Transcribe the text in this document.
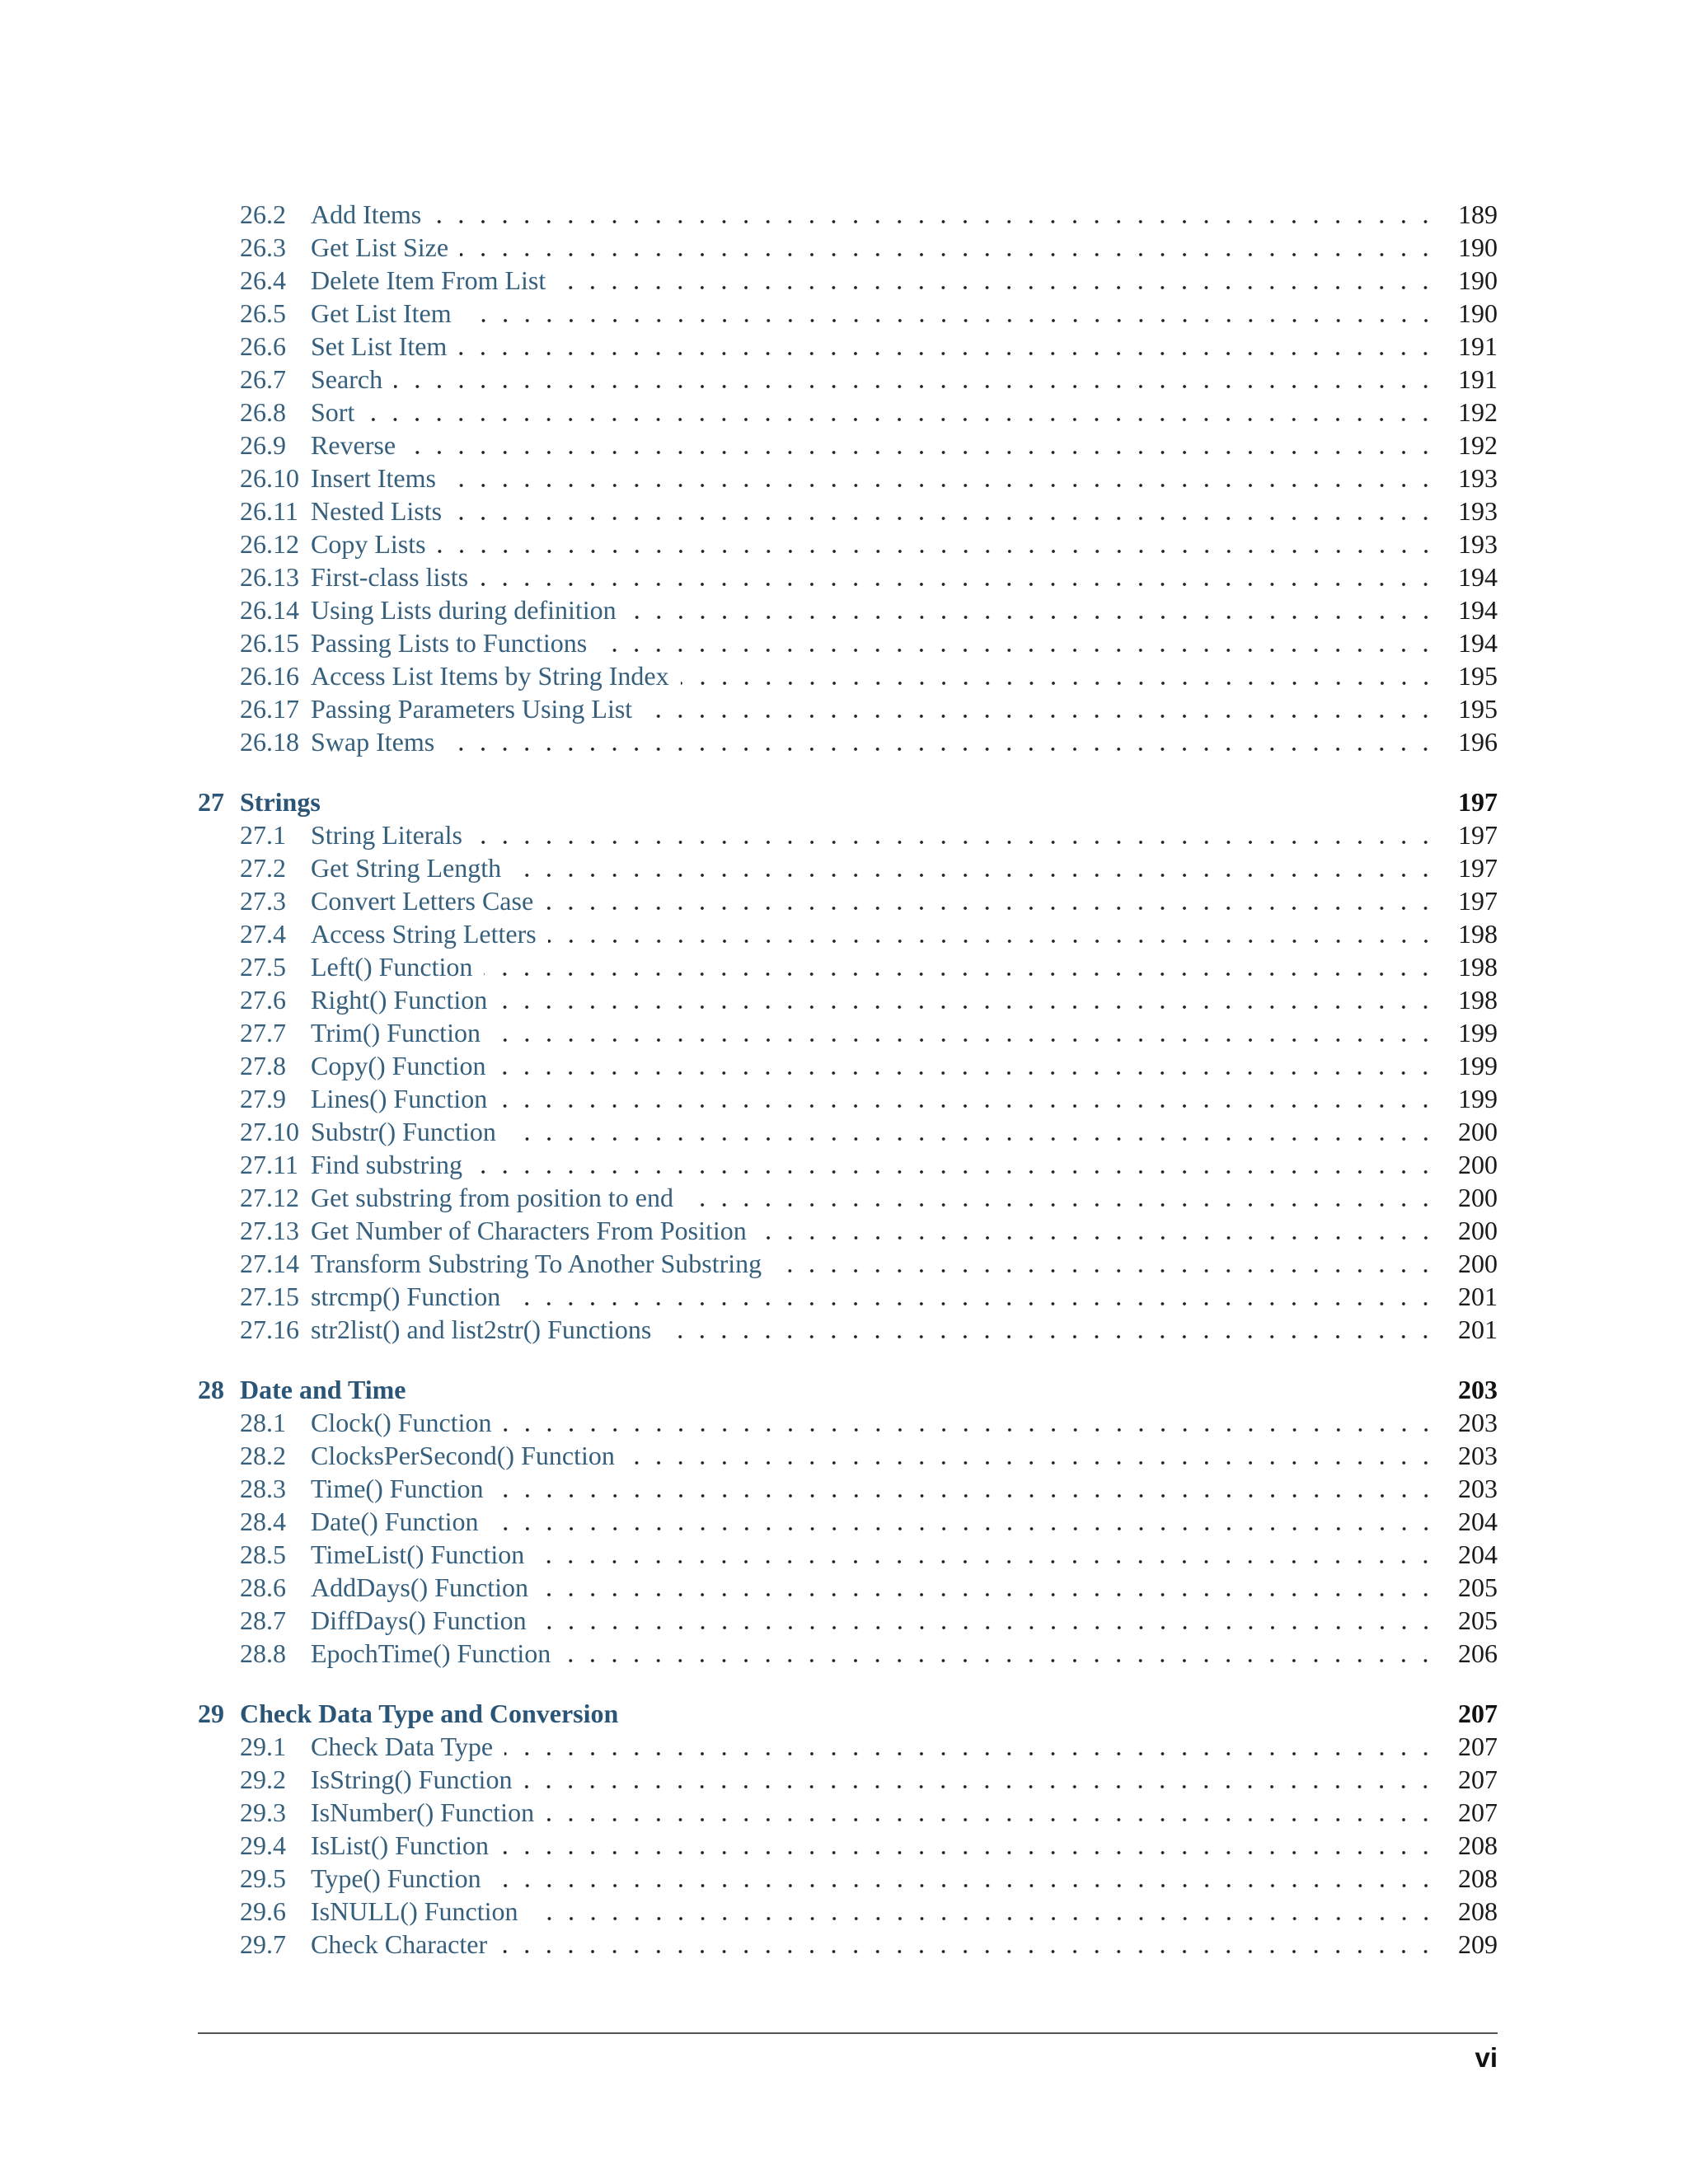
26.2 Add Items	189
26.3 Get List Size	190
26.4 Delete Item From List	190
26.5 Get List Item	190
26.6 Set List Item	191
26.7 Search	191
26.8 Sort	192
26.9 Reverse	192
26.10 Insert Items	193
26.11 Nested Lists	193
26.12 Copy Lists	193
26.13 First-class lists	194
26.14 Using Lists during definition	194
26.15 Passing Lists to Functions	194
26.16 Access List Items by String Index	195
26.17 Passing Parameters Using List	195
26.18 Swap Items	196
27 Strings	197
27.1 String Literals	197
27.2 Get String Length	197
27.3 Convert Letters Case	197
27.4 Access String Letters	198
27.5 Left() Function	198
27.6 Right() Function	198
27.7 Trim() Function	199
27.8 Copy() Function	199
27.9 Lines() Function	199
27.10 Substr() Function	200
27.11 Find substring	200
27.12 Get substring from position to end	200
27.13 Get Number of Characters From Position	200
27.14 Transform Substring To Another Substring	200
27.15 strcmp() Function	201
27.16 str2list() and list2str() Functions	201
28 Date and Time	203
28.1 Clock() Function	203
28.2 ClocksPerSecond() Function	203
28.3 Time() Function	203
28.4 Date() Function	204
28.5 TimeList() Function	204
28.6 AddDays() Function	205
28.7 DiffDays() Function	205
28.8 EpochTime() Function	206
29 Check Data Type and Conversion	207
29.1 Check Data Type	207
29.2 IsString() Function	207
29.3 IsNumber() Function	207
29.4 IsList() Function	208
29.5 Type() Function	208
29.6 IsNULL() Function	208
29.7 Check Character	209
vi
